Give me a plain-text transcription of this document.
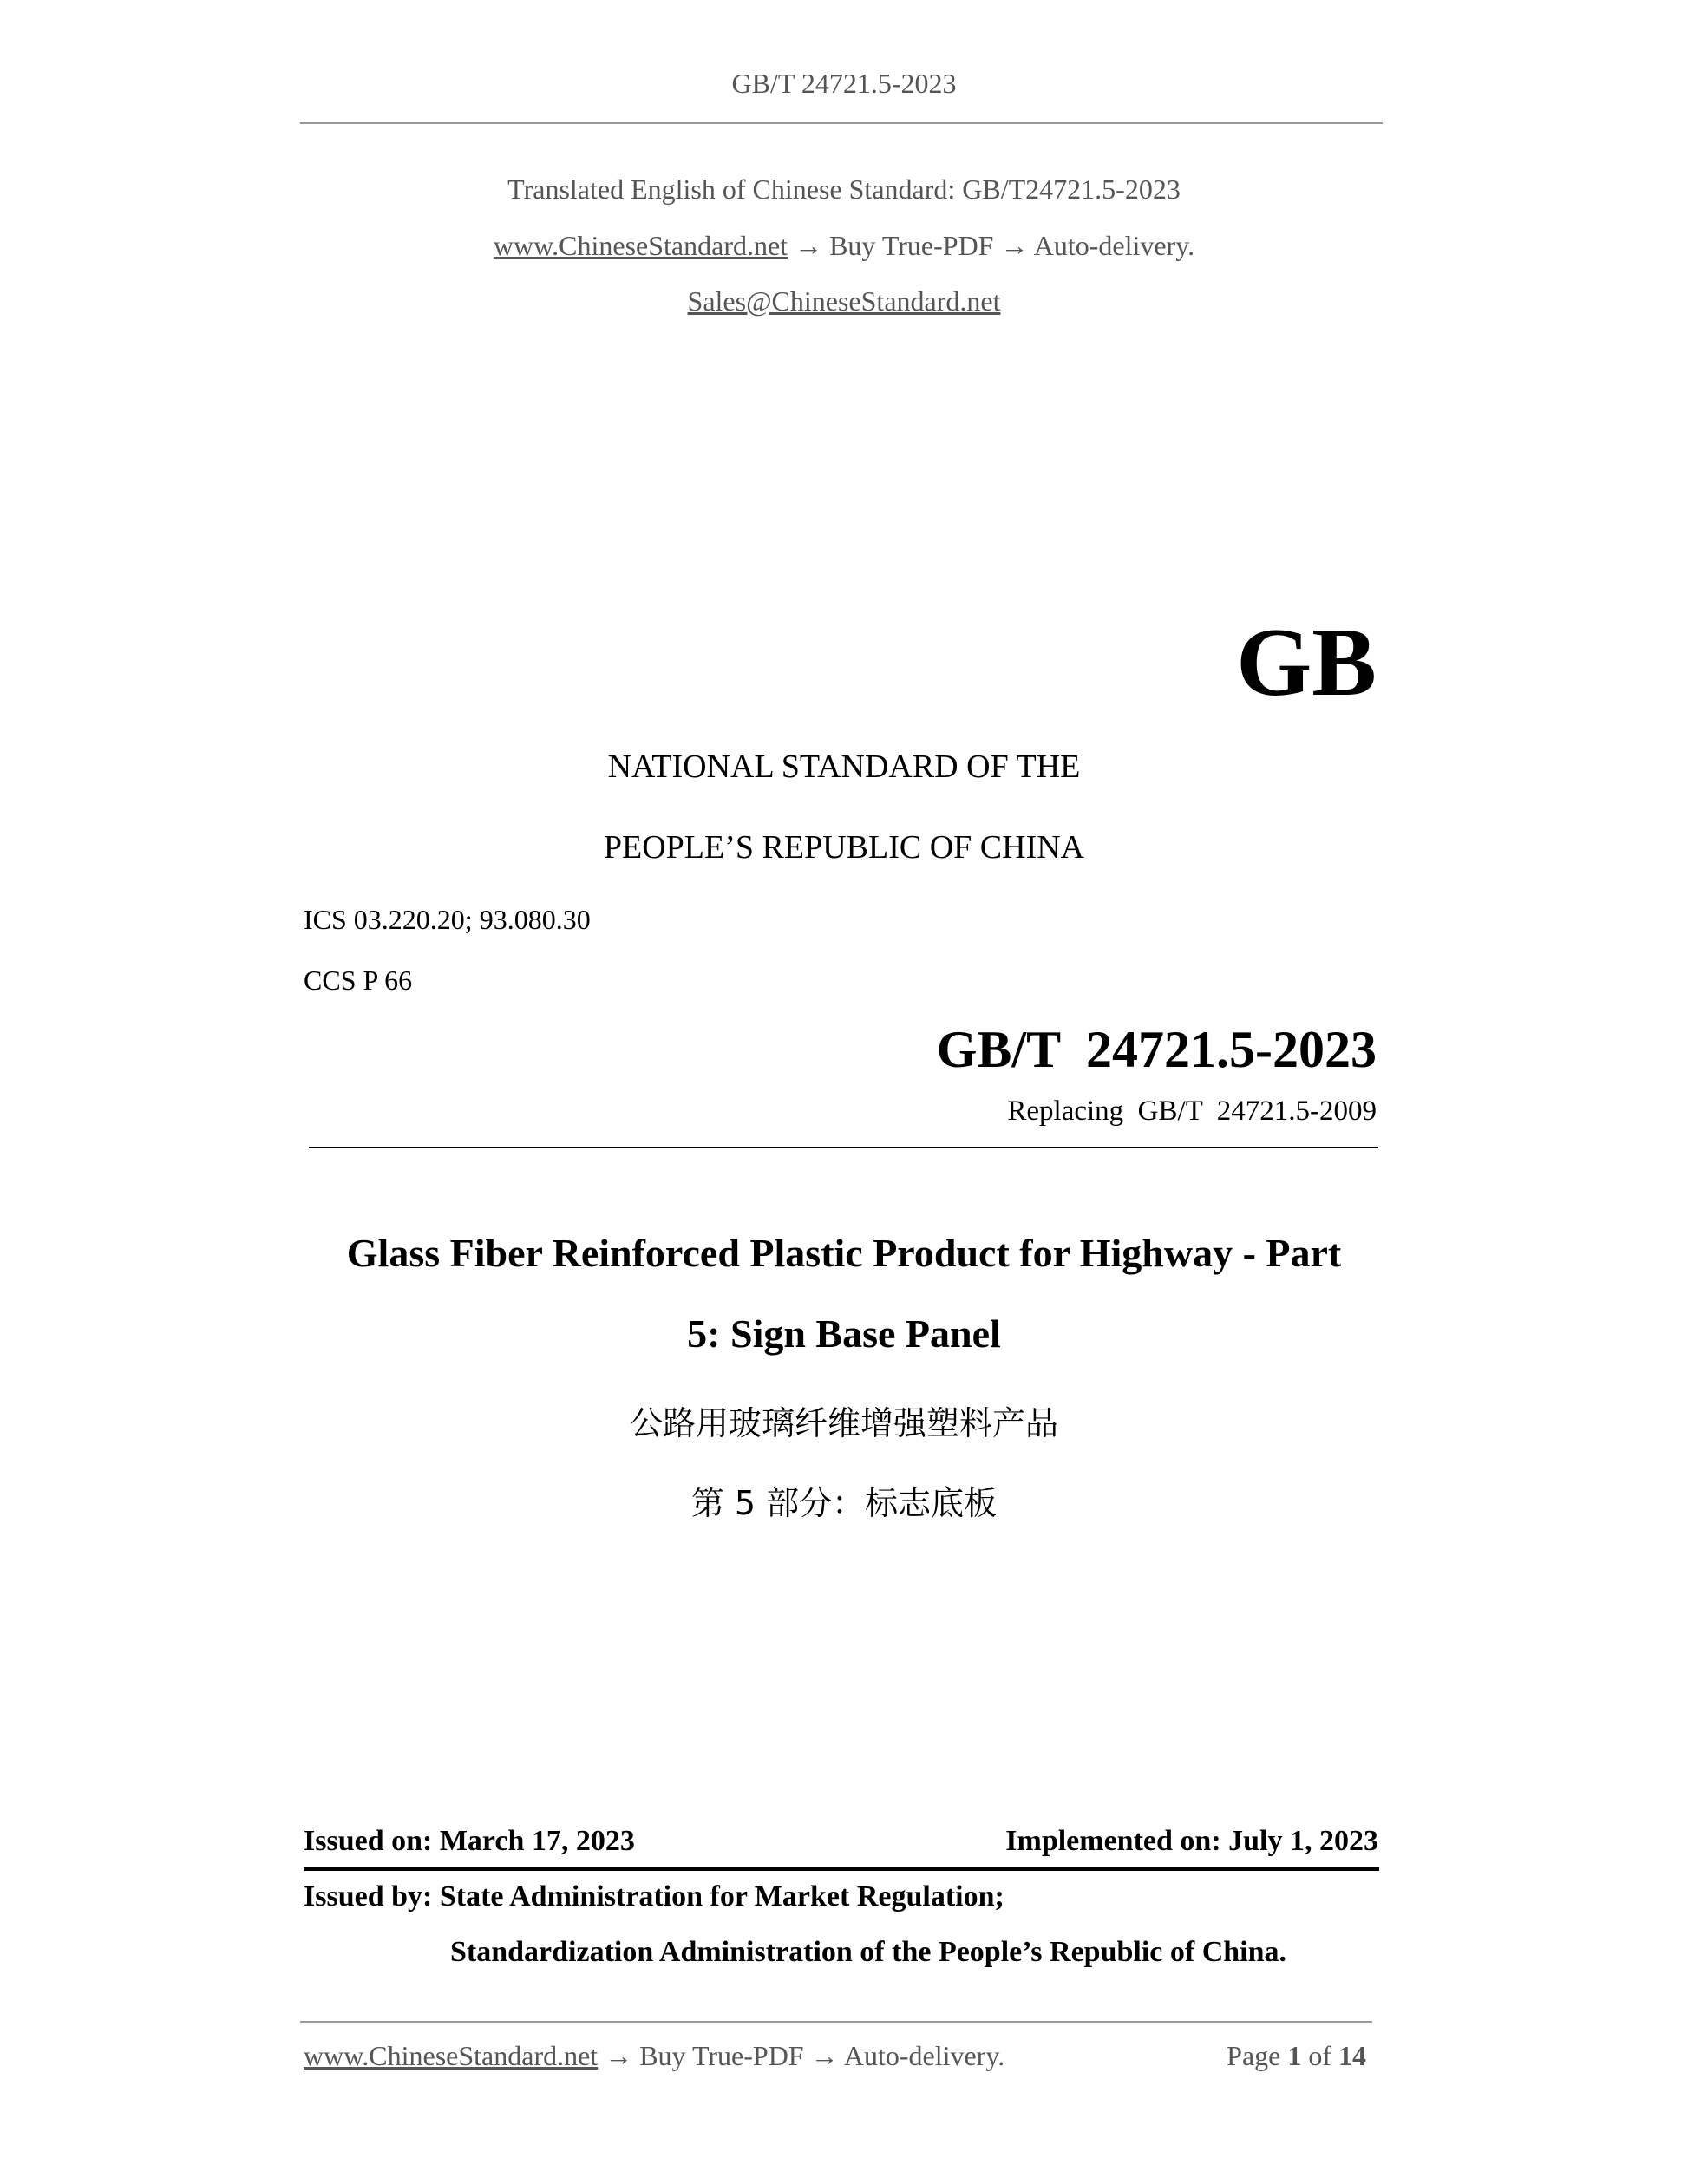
GB/T 24721.5-2023
Translated English of Chinese Standard: GB/T24721.5-2023
www.ChineseStandard.net → Buy True-PDF → Auto-delivery.
Sales@ChineseStandard.net
GB
NATIONAL STANDARD OF THE
PEOPLE’S REPUBLIC OF CHINA
ICS 03.220.20; 93.080.30
CCS P 66
GB/T  24721.5-2023
Replacing  GB/T  24721.5-2009
Glass Fiber Reinforced Plastic Product for Highway - Part
5: Sign Base Panel
公路用玻璃纤维增强塑料产品
第 5 部分：标志底板
Issued on: March 17, 2023	Implemented on: July 1, 2023
Issued by: State Administration for Market Regulation;
Standardization Administration of the People’s Republic of China.
www.ChineseStandard.net → Buy True-PDF → Auto-delivery.	Page 1 of 14
